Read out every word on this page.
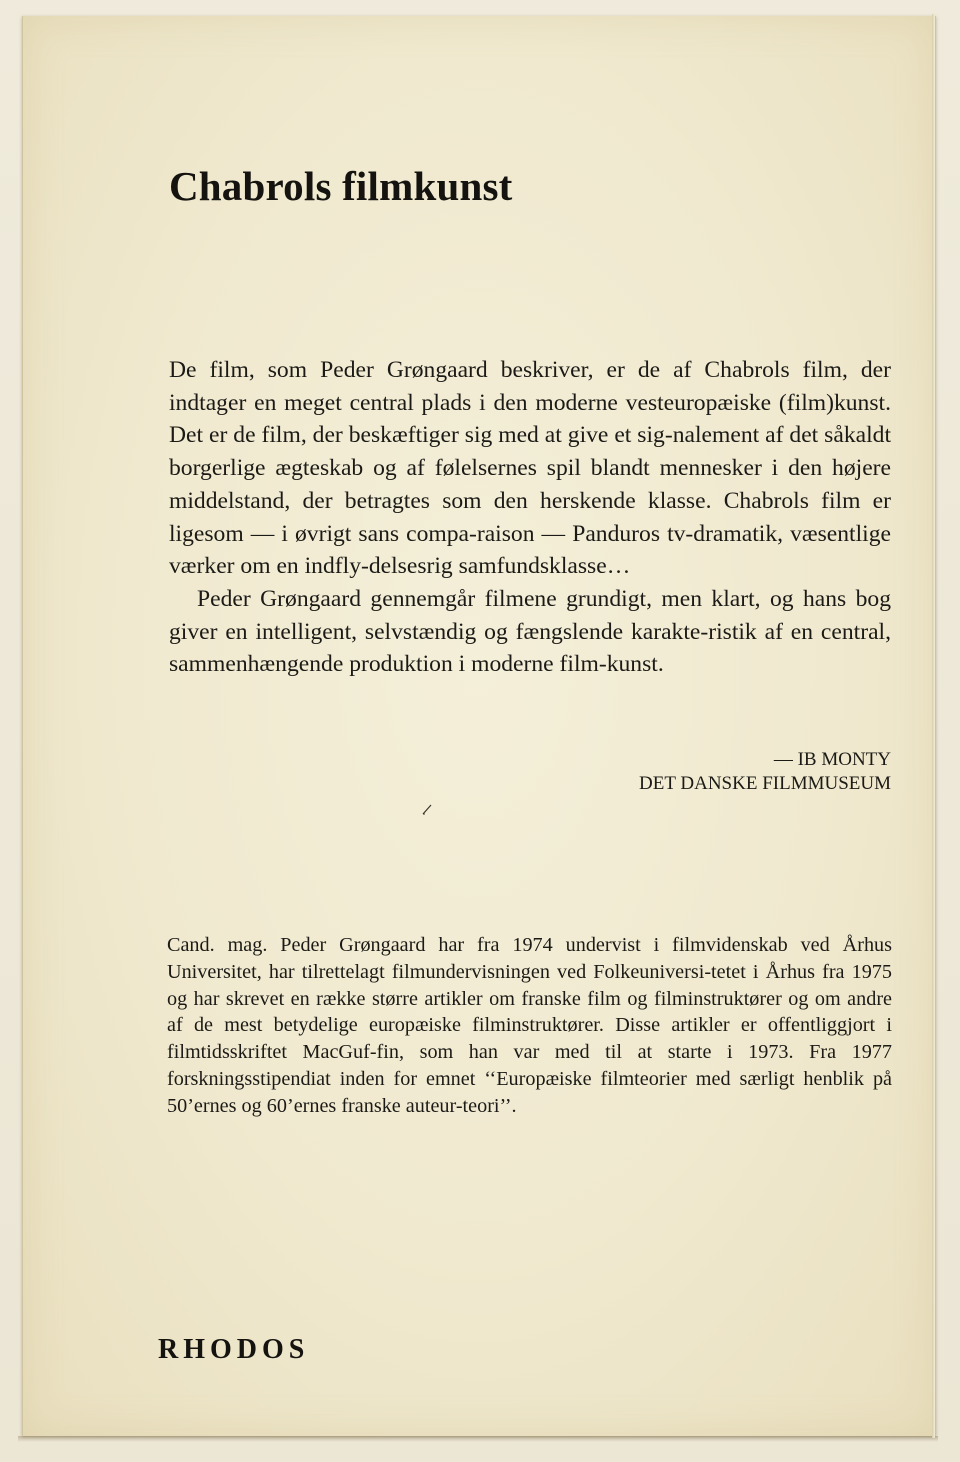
Chabrols filmkunst

De film, som Peder Grøngaard beskriver, er de af Chabrols film, der indtager en meget central plads i den moderne vesteuropæiske (film)kunst. Det er de film, der beskæftiger sig med at give et sig-nalement af det såkaldt borgerlige ægteskab og af følelsernes spil blandt mennesker i den højere middelstand, der betragtes som den herskende klasse. Chabrols film er ligesom — i øvrigt sans compa-raison — Panduros tv-dramatik, væsentlige værker om en indfly-delsesrig samfundsklasse…

Peder Grøngaard gennemgår filmene grundigt, men klart, og hans bog giver en intelligent, selvstændig og fængslende karakte-ristik af en central, sammenhængende produktion i moderne film-kunst.

— IB MONTY
DET DANSKE FILMMUSEUM

Cand. mag. Peder Grøngaard har fra 1974 undervist i filmvidenskab ved Århus Universitet, har tilrettelagt filmundervisningen ved Folkeuniversi-tetet i Århus fra 1975 og har skrevet en række større artikler om franske film og filminstruktører og om andre af de mest betydelige europæiske filminstruktører. Disse artikler er offentliggjort i filmtidsskriftet MacGuf-fin, som han var med til at starte i 1973. Fra 1977 forskningsstipendiat inden for emnet ‘‘Europæiske filmteorier med særligt henblik på 50’ernes og 60’ernes franske auteur-teori’’.

RHODOS
